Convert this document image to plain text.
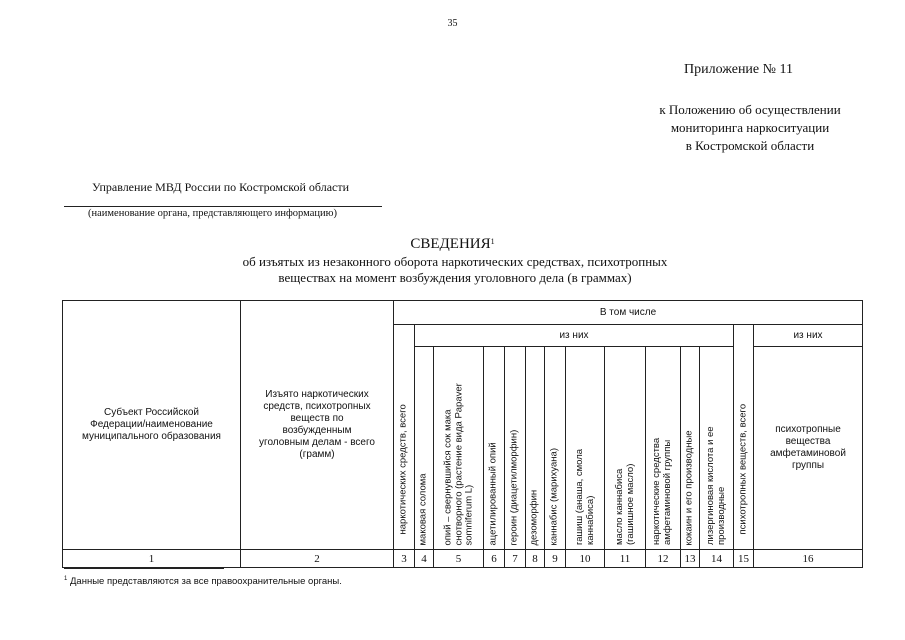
35
Приложение № 11
к Положению об осуществлении
мониторинга наркоситуации
в Костромской области
Управление МВД России по Костромской области
(наименование органа, представляющего информацию)
СВЕДЕНИЯ$^1$
об изъятых из незаконного оборота наркотических средствах, психотропных
веществах на момент возбуждения уголовного дела (в граммах)
Субъект Российской Федерации/наименование муниципального образования	Изъято наркотических средств, психотропных веществ по возбужденным уголовным делам - всего (грамм)	В том числе													

		наркотических средств, всего	из них											психотропных веществ, всего	из них

			маковая солома	опий – свернувшийся сок мака снотворного (растение вида Papaver somniferum L)	ацетилированный опий	героин (диацетилморфин)	дезоморфин	каннабис (марихуана)	гашиш (анаша, смола каннабиса)	масло каннабиса (гашишное масло)	наркотические средства амфетаминовой группы	кокаин и его производные	лизергиновая кислота и ее производные		психотропные вещества амфетаминовой группы
1	2	3	4	5	6	7	8	9	10	11	12	13	14	15	16
$^1$ Данные представляются за все правоохранительные органы.
